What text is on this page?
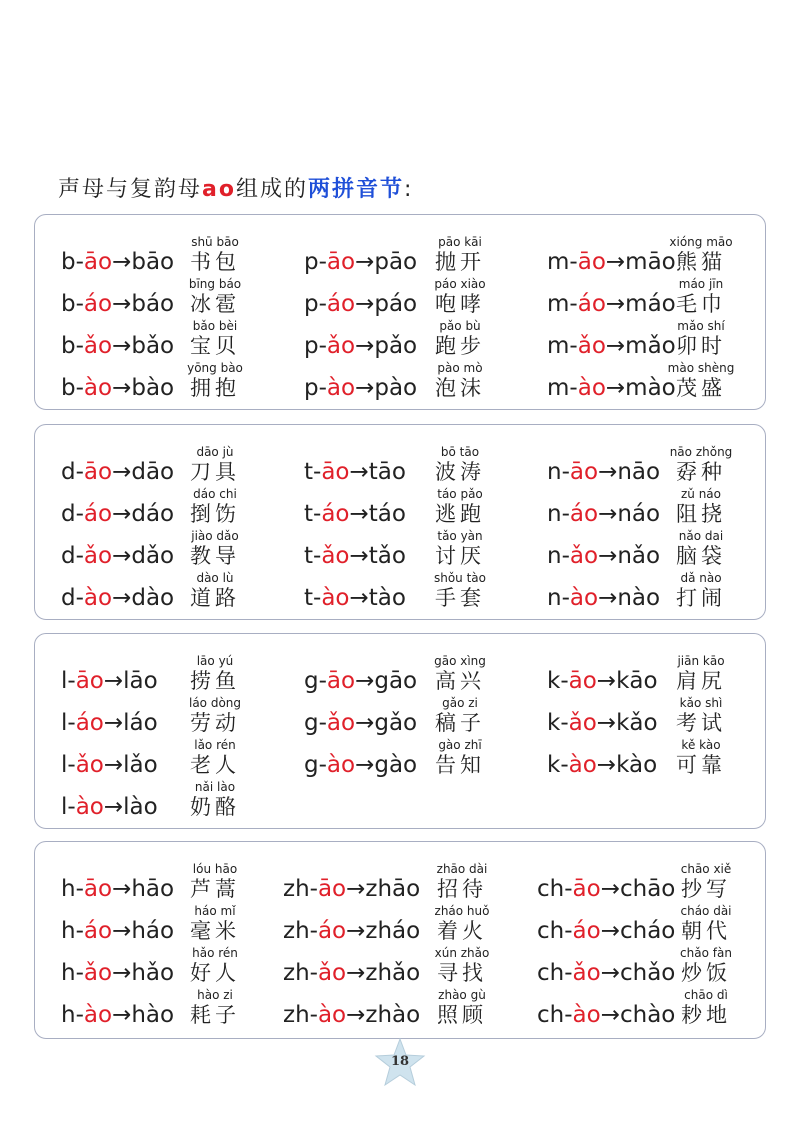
声母与复韵母ao组成的两拼音节:
b-āo→bāo
shū bāo
书包
b-áo→báo
bīng báo
冰雹
b-ǎo→bǎo
bǎo bèi
宝贝
b-ào→bào
yōng bào
拥抱
p-āo→pāo
pāo kāi
抛开
p-áo→páo
páo xiào
咆哮
p-ǎo→pǎo
pǎo bù
跑步
p-ào→pào
pào mò
泡沫
m-āo→māo
xióng māo
熊猫
m-áo→máo
máo jīn
毛巾
m-ǎo→mǎo
mǎo shí
卯时
m-ào→mào
mào shèng
茂盛
d-āo→dāo
dāo jù
刀具
d-áo→dáo
dáo chi
捯饬
d-ǎo→dǎo
jiào dǎo
教导
d-ào→dào
dào lù
道路
t-āo→tāo
bō tāo
波涛
t-áo→táo
táo pǎo
逃跑
t-ǎo→tǎo
tǎo yàn
讨厌
t-ào→tào
shǒu tào
手套
n-āo→nāo
nāo zhǒng
孬种
n-áo→náo
zǔ náo
阻挠
n-ǎo→nǎo
nǎo dai
脑袋
n-ào→nào
dǎ nào
打闹
l-āo→lāo
lāo yú
捞鱼
l-áo→láo
láo dòng
劳动
l-ǎo→lǎo
lǎo rén
老人
l-ào→lào
nǎi lào
奶酪
g-āo→gāo
gāo xìng
高兴
g-ǎo→gǎo
gǎo zi
稿子
g-ào→gào
gào zhī
告知
k-āo→kāo
jiān kāo
肩尻
k-ǎo→kǎo
kǎo shì
考试
k-ào→kào
kě kào
可靠
h-āo→hāo
lóu hāo
芦蒿
h-áo→háo
háo mǐ
毫米
h-ǎo→hǎo
hǎo rén
好人
h-ào→hào
hào zi
耗子
zh-āo→zhāo
zhāo dài
招待
zh-áo→zháo
zháo huǒ
着火
zh-ǎo→zhǎo
xún zhǎo
寻找
zh-ào→zhào
zhào gù
照顾
ch-āo→chāo
chāo xiě
抄写
ch-áo→cháo
cháo dài
朝代
ch-ǎo→chǎo
chǎo fàn
炒饭
ch-ào→chào
chāo dì
耖地
18
